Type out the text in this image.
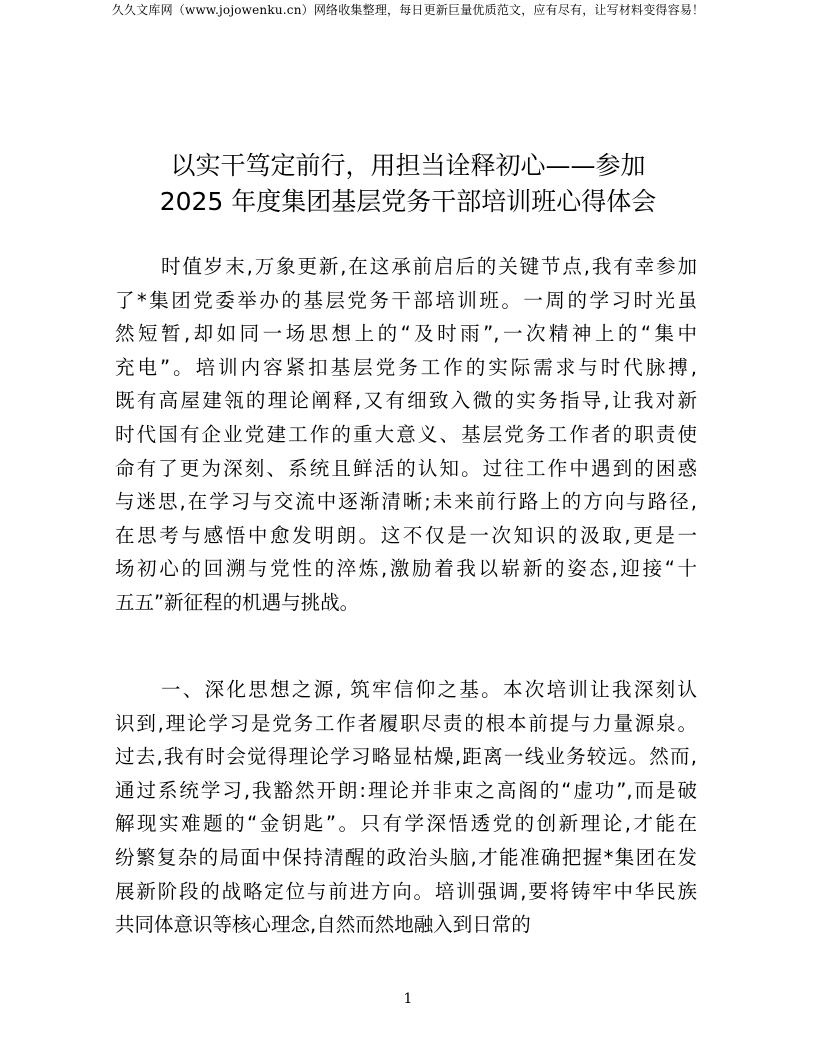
久久文库网（www.jojowenku.cn）网络收集整理，每日更新巨量优质范文，应有尽有，让写材料变得容易！
以实干笃定前行，用担当诠释初心——参加
2025 年度集团基层党务干部培训班心得体会
时值岁末,万象更新,在这承前启后的关键节点,我有幸参加
了*集团党委举办的基层党务干部培训班。一周的学习时光虽
然短暂,却如同一场思想上的“及时雨”,一次精神上的“集中
充电”。培训内容紧扣基层党务工作的实际需求与时代脉搏,
既有高屋建瓴的理论阐释,又有细致入微的实务指导,让我对新
时代国有企业党建工作的重大意义、基层党务工作者的职责使
命有了更为深刻、系统且鲜活的认知。过往工作中遇到的困惑
与迷思,在学习与交流中逐渐清晰;未来前行路上的方向与路径,
在思考与感悟中愈发明朗。这不仅是一次知识的汲取,更是一
场初心的回溯与党性的淬炼,激励着我以崭新的姿态,迎接“十
五五”新征程的机遇与挑战。
一、深化思想之源, 筑牢信仰之基。本次培训让我深刻认
识到,理论学习是党务工作者履职尽责的根本前提与力量源泉。
过去,我有时会觉得理论学习略显枯燥,距离一线业务较远。然而,
通过系统学习,我豁然开朗:理论并非束之高阁的“虚功”,而是破
解现实难题的“金钥匙”。只有学深悟透党的创新理论,才能在
纷繁复杂的局面中保持清醒的政治头脑,才能准确把握*集团在发
展新阶段的战略定位与前进方向。培训强调,要将铸牢中华民族
共同体意识等核心理念,自然而然地融入到日常的
1
